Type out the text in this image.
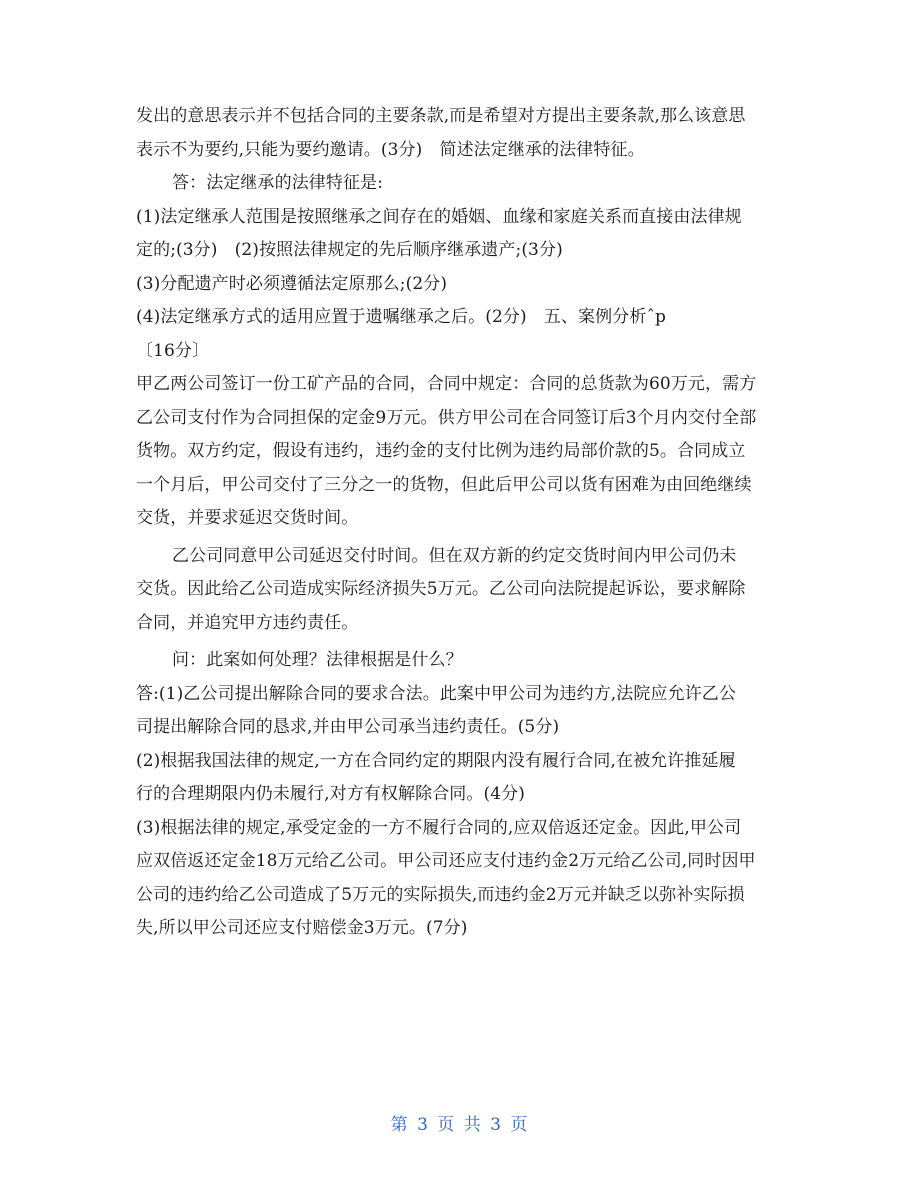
发出的意思表示并不包括合同的主要条款,而是希望对方提出主要条款,那么该意思
表示不为要约,只能为要约邀请。(3分)　简述法定继承的法律特征。
答：法定继承的法律特征是:
(1)法定继承人范围是按照继承之间存在的婚姻、血缘和家庭关系而直接由法律规
定的;(3分)　(2)按照法律规定的先后顺序继承遗产;(3分)
(3)分配遗产时必须遵循法定原那么;(2分)
(4)法定继承方式的适用应置于遗嘱继承之后。(2分)　五、案例分析ˆp
〔16分〕
甲乙两公司签订一份工矿产品的合同，合同中规定：合同的总货款为60万元，需方
乙公司支付作为合同担保的定金9万元。供方甲公司在合同签订后3个月内交付全部
货物。双方约定，假设有违约，违约金的支付比例为违约局部价款的5。合同成立
一个月后，甲公司交付了三分之一的货物，但此后甲公司以货有困难为由回绝继续
交货，并要求延迟交货时间。
乙公司同意甲公司延迟交付时间。但在双方新的约定交货时间内甲公司仍未
交货。因此给乙公司造成实际经济损失5万元。乙公司向法院提起诉讼，要求解除
合同，并追究甲方违约责任。
问：此案如何处理？法律根据是什么？
答:(1)乙公司提出解除合同的要求合法。此案中甲公司为违约方,法院应允许乙公
司提出解除合同的恳求,并由甲公司承当违约责任。(5分)
(2)根据我国法律的规定,一方在合同约定的期限内没有履行合同,在被允许推延履
行的合理期限内仍未履行,对方有权解除合同。(4分)
(3)根据法律的规定,承受定金的一方不履行合同的,应双倍返还定金。因此,甲公司
应双倍返还定金18万元给乙公司。甲公司还应支付违约金2万元给乙公司,同时因甲
公司的违约给乙公司造成了5万元的实际损失,而违约金2万元并缺乏以弥补实际损
失,所以甲公司还应支付赔偿金3万元。(7分)
第 3 页 共 3 页
